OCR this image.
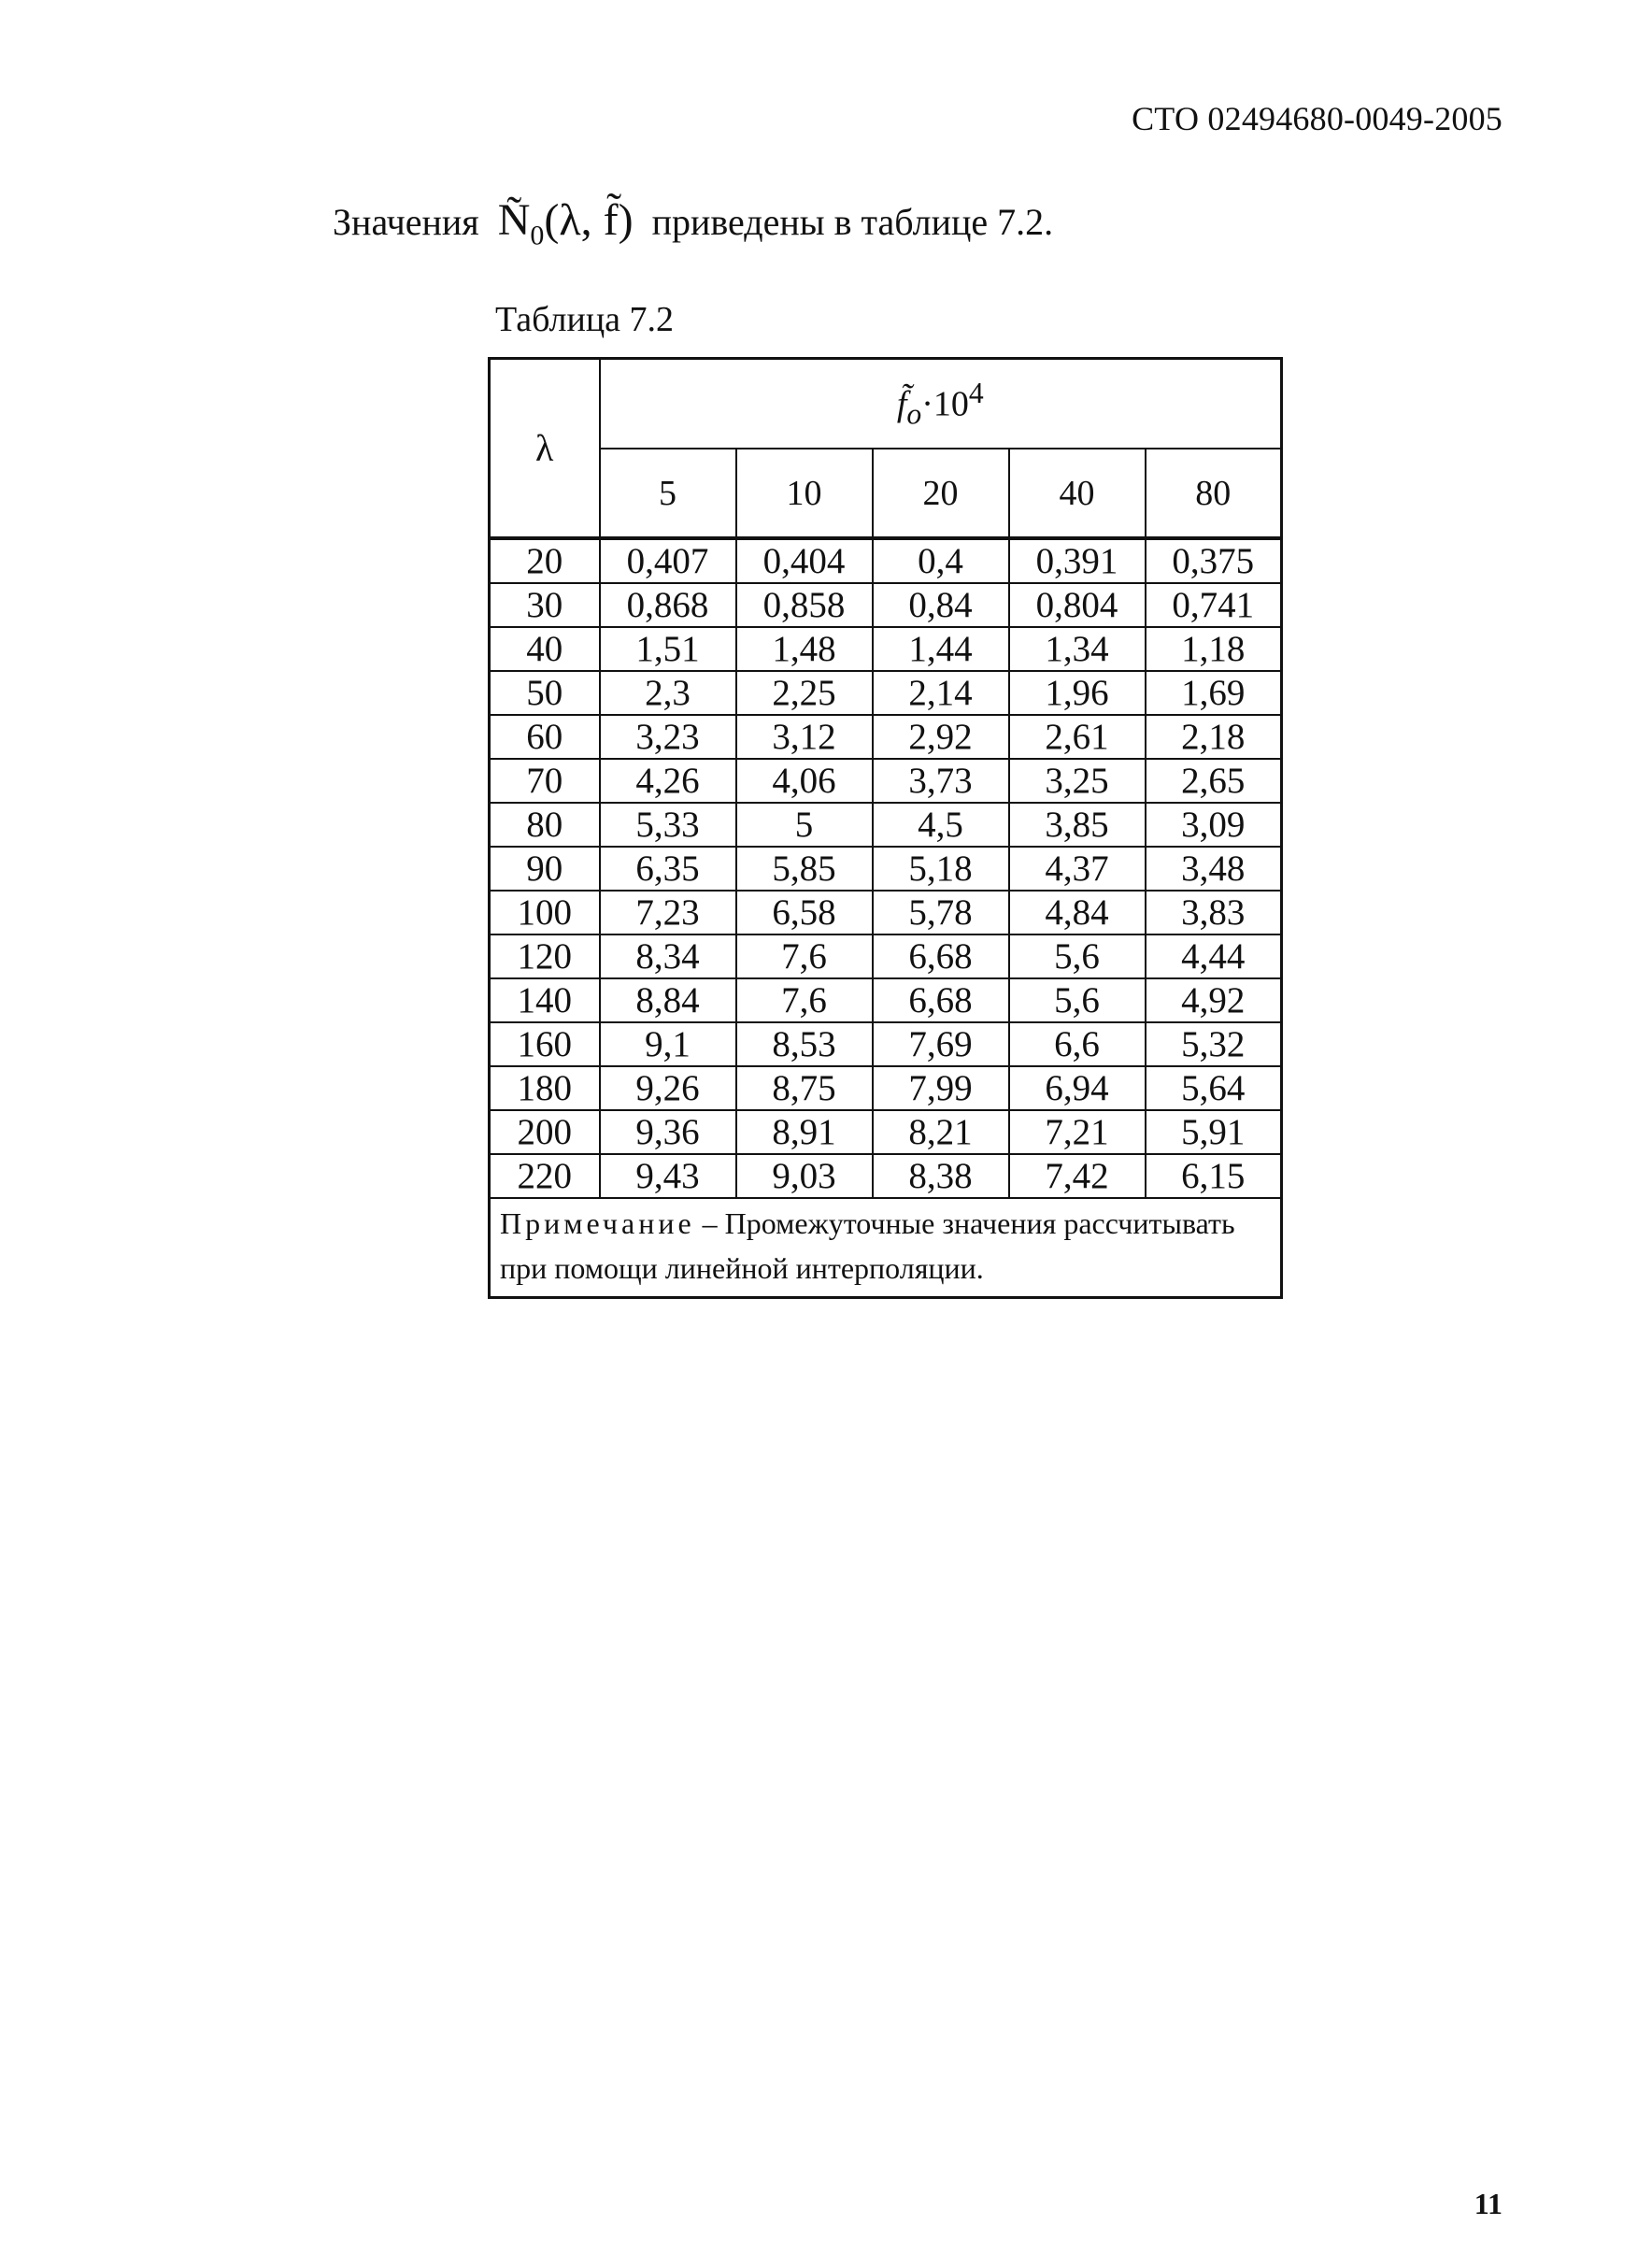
СТО 02494680-0049-2005
Значения $Ñ_0(\lambda$, f̃) приведены в таблице 7.2.
Таблица 7.2
λ	$f̃_o\cdot 10^4$
	5	10	20	40	80
20	0,407	0,404	0,4	0,391	0,375
30	0,868	0,858	0,84	0,804	0,741
40	1,51	1,48	1,44	1,34	1,18
50	2,3	2,25	2,14	1,96	1,69
60	3,23	3,12	2,92	2,61	2,18
70	4,26	4,06	3,73	3,25	2,65
80	5,33	5	4,5	3,85	3,09
90	6,35	5,85	5,18	4,37	3,48
100	7,23	6,58	5,78	4,84	3,83
120	8,34	7,6	6,68	5,6	4,44
140	8,84	7,6	6,68	5,6	4,92
160	9,1	8,53	7,69	6,6	5,32
180	9,26	8,75	7,99	6,94	5,64
200	9,36	8,91	8,21	7,21	5,91
220	9,43	9,03	8,38	7,42	6,15
Примечание – Промежуточные значения рассчитывать при помощи линейной интерполяции.					
11
